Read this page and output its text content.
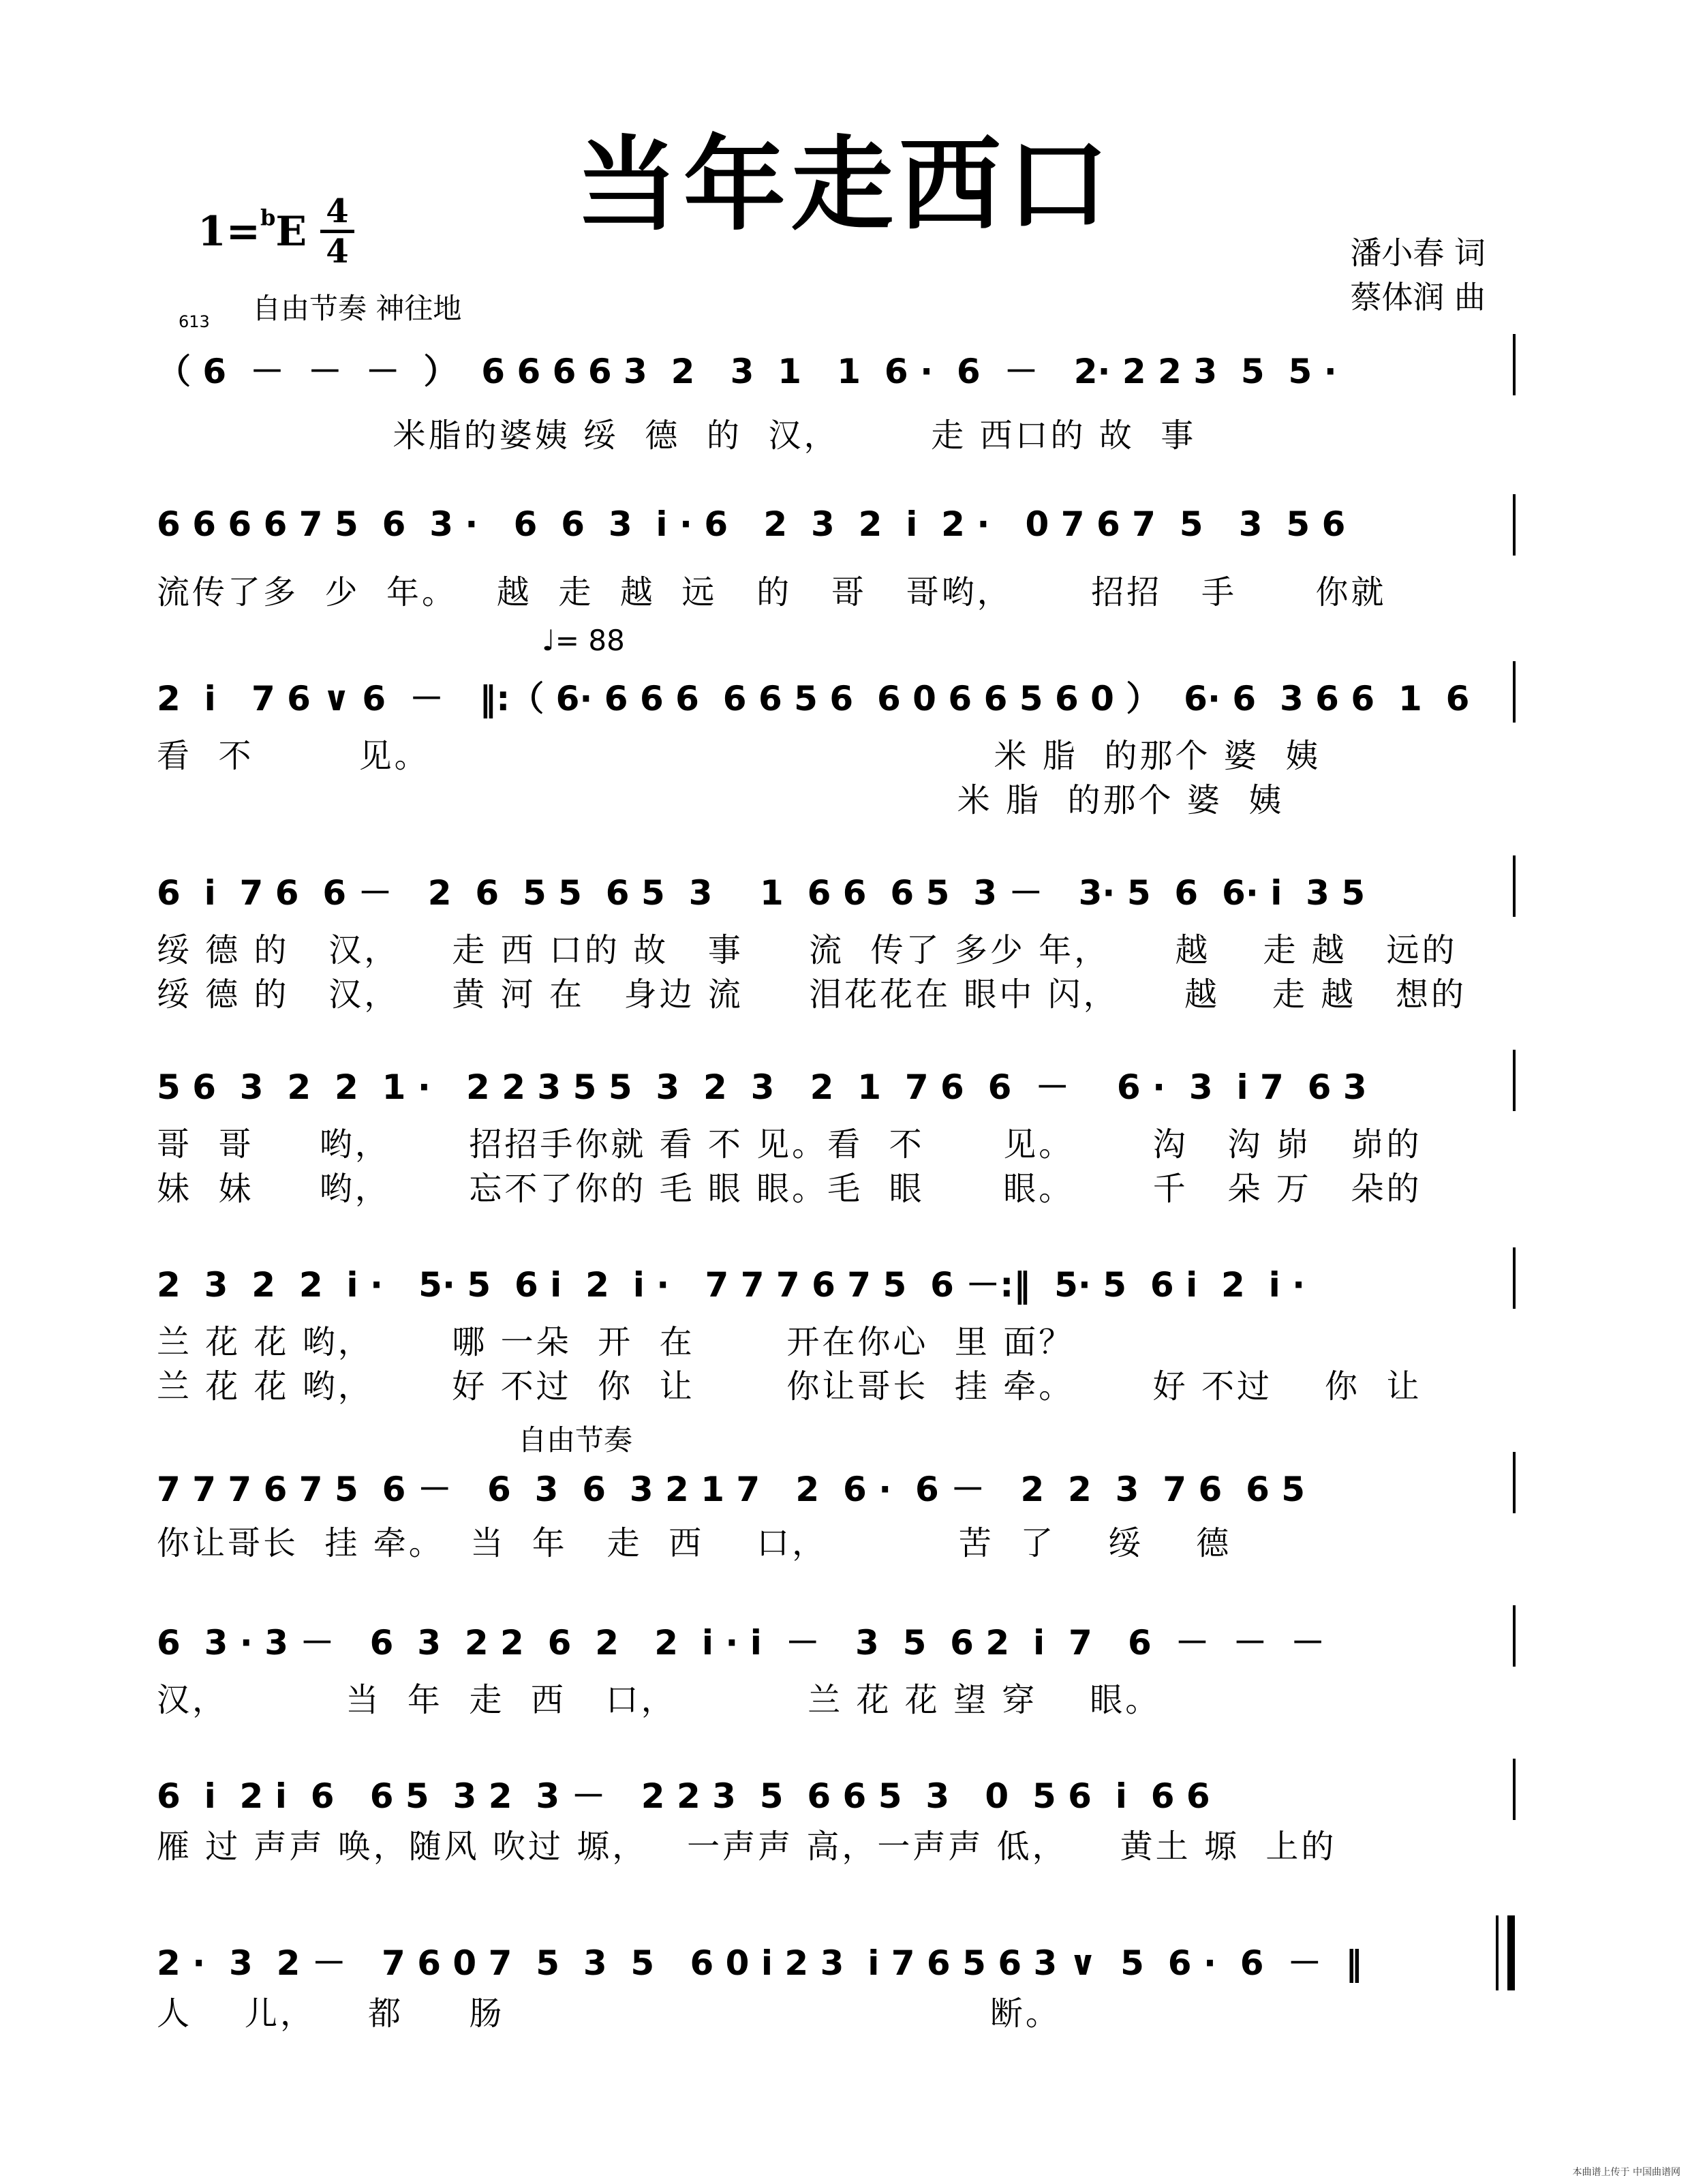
当年走西口
1=$^b$E 4
4	潘小春 词
蔡体润 曲
613 自由节奏 神往地
自由节奏
♩= 88
（ 6  －  －  －  ）  6 6 6 6 3  2   3  1   1  6 ·  6  －   2· 2 2 3  5  5 ·
米脂的婆姨 绥  德  的  汉，       走 西口的 故  事
6 6 6 6 7 5  6  3 ·   6  6  3  i · 6   2  3  2  i  2 ·   0 7 6 7  5   3  5 6
流传了多  少  年。   越  走  越  远   的   哥   哥哟，      招招   手      你就
2  i   7 6 ∨ 6  －   ‖:（ 6· 6 6 6  6 6 5 6  6 0 6 6 5 6 0 ）  6· 6  3 6 6  1  6
看  不        见。                                           米 脂  的那个 婆  姨
米 脂  的那个 婆  姨
6  i  7 6  6 －   2  6  5 5  6 5  3    1  6 6  6 5  3 －   3· 5  6  6· i  3 5
绥 德 的   汉，    走 西 口的 故   事     流  传了 多少 年，     越    走 越   远的
绥 德 的   汉，    黄 河 在   身边 流     泪花花在 眼中 闪，     越    走 越   想的
5 6  3  2  2  1 ·   2 2 3 5 5  3  2  3   2  1  7 6  6  －    6 ·  3  i 7  6 3
哥  哥     哟，      招招手你就 看 不 见。看  不      见。      沟   沟 峁   峁的
妹  妹     哟，      忘不了你的 毛 眼 眼。毛  眼      眼。      千   朵 万   朵的
2  3  2  2  i ·   5· 5  6 i  2  i ·   7 7 7 6 7 5  6 －:‖  5· 5  6 i  2  i ·
兰 花 花 哟，      哪 一朵  开  在       开在你心  里 面？
兰 花 花 哟，      好 不过  你  让       你让哥长  挂 牵。      好 不过    你  让
7 7 7 6 7 5  6 －   6  3  6  3 2 1 7   2  6 ·  6 －   2  2  3  7 6  6 5
你让哥长  挂 牵。  当  年   走  西    口，          苦  了    绥    德
6  3 · 3 －   6  3  2 2  6  2   2  i · i  －   3  5  6 2  i  7   6  －  －  －
汉，         当  年  走  西   口，          兰 花 花 望 穿    眼。
6  i  2 i  6   6 5  3 2  3 －   2 2 3  5  6 6 5  3   0  5 6  i  6 6
雁 过 声声 唤，随风 吹过 塬，   一声声 高，一声声 低，    黄土 塬  上的
2 ·  3  2 －   7 6 0 7  5  3  5   6 0 i 2 3  i 7 6 5 6 3 ∨  5  6 ·  6  －  ‖
人    儿，    都     肠                                     断。
本曲谱上传于 中国曲谱网
